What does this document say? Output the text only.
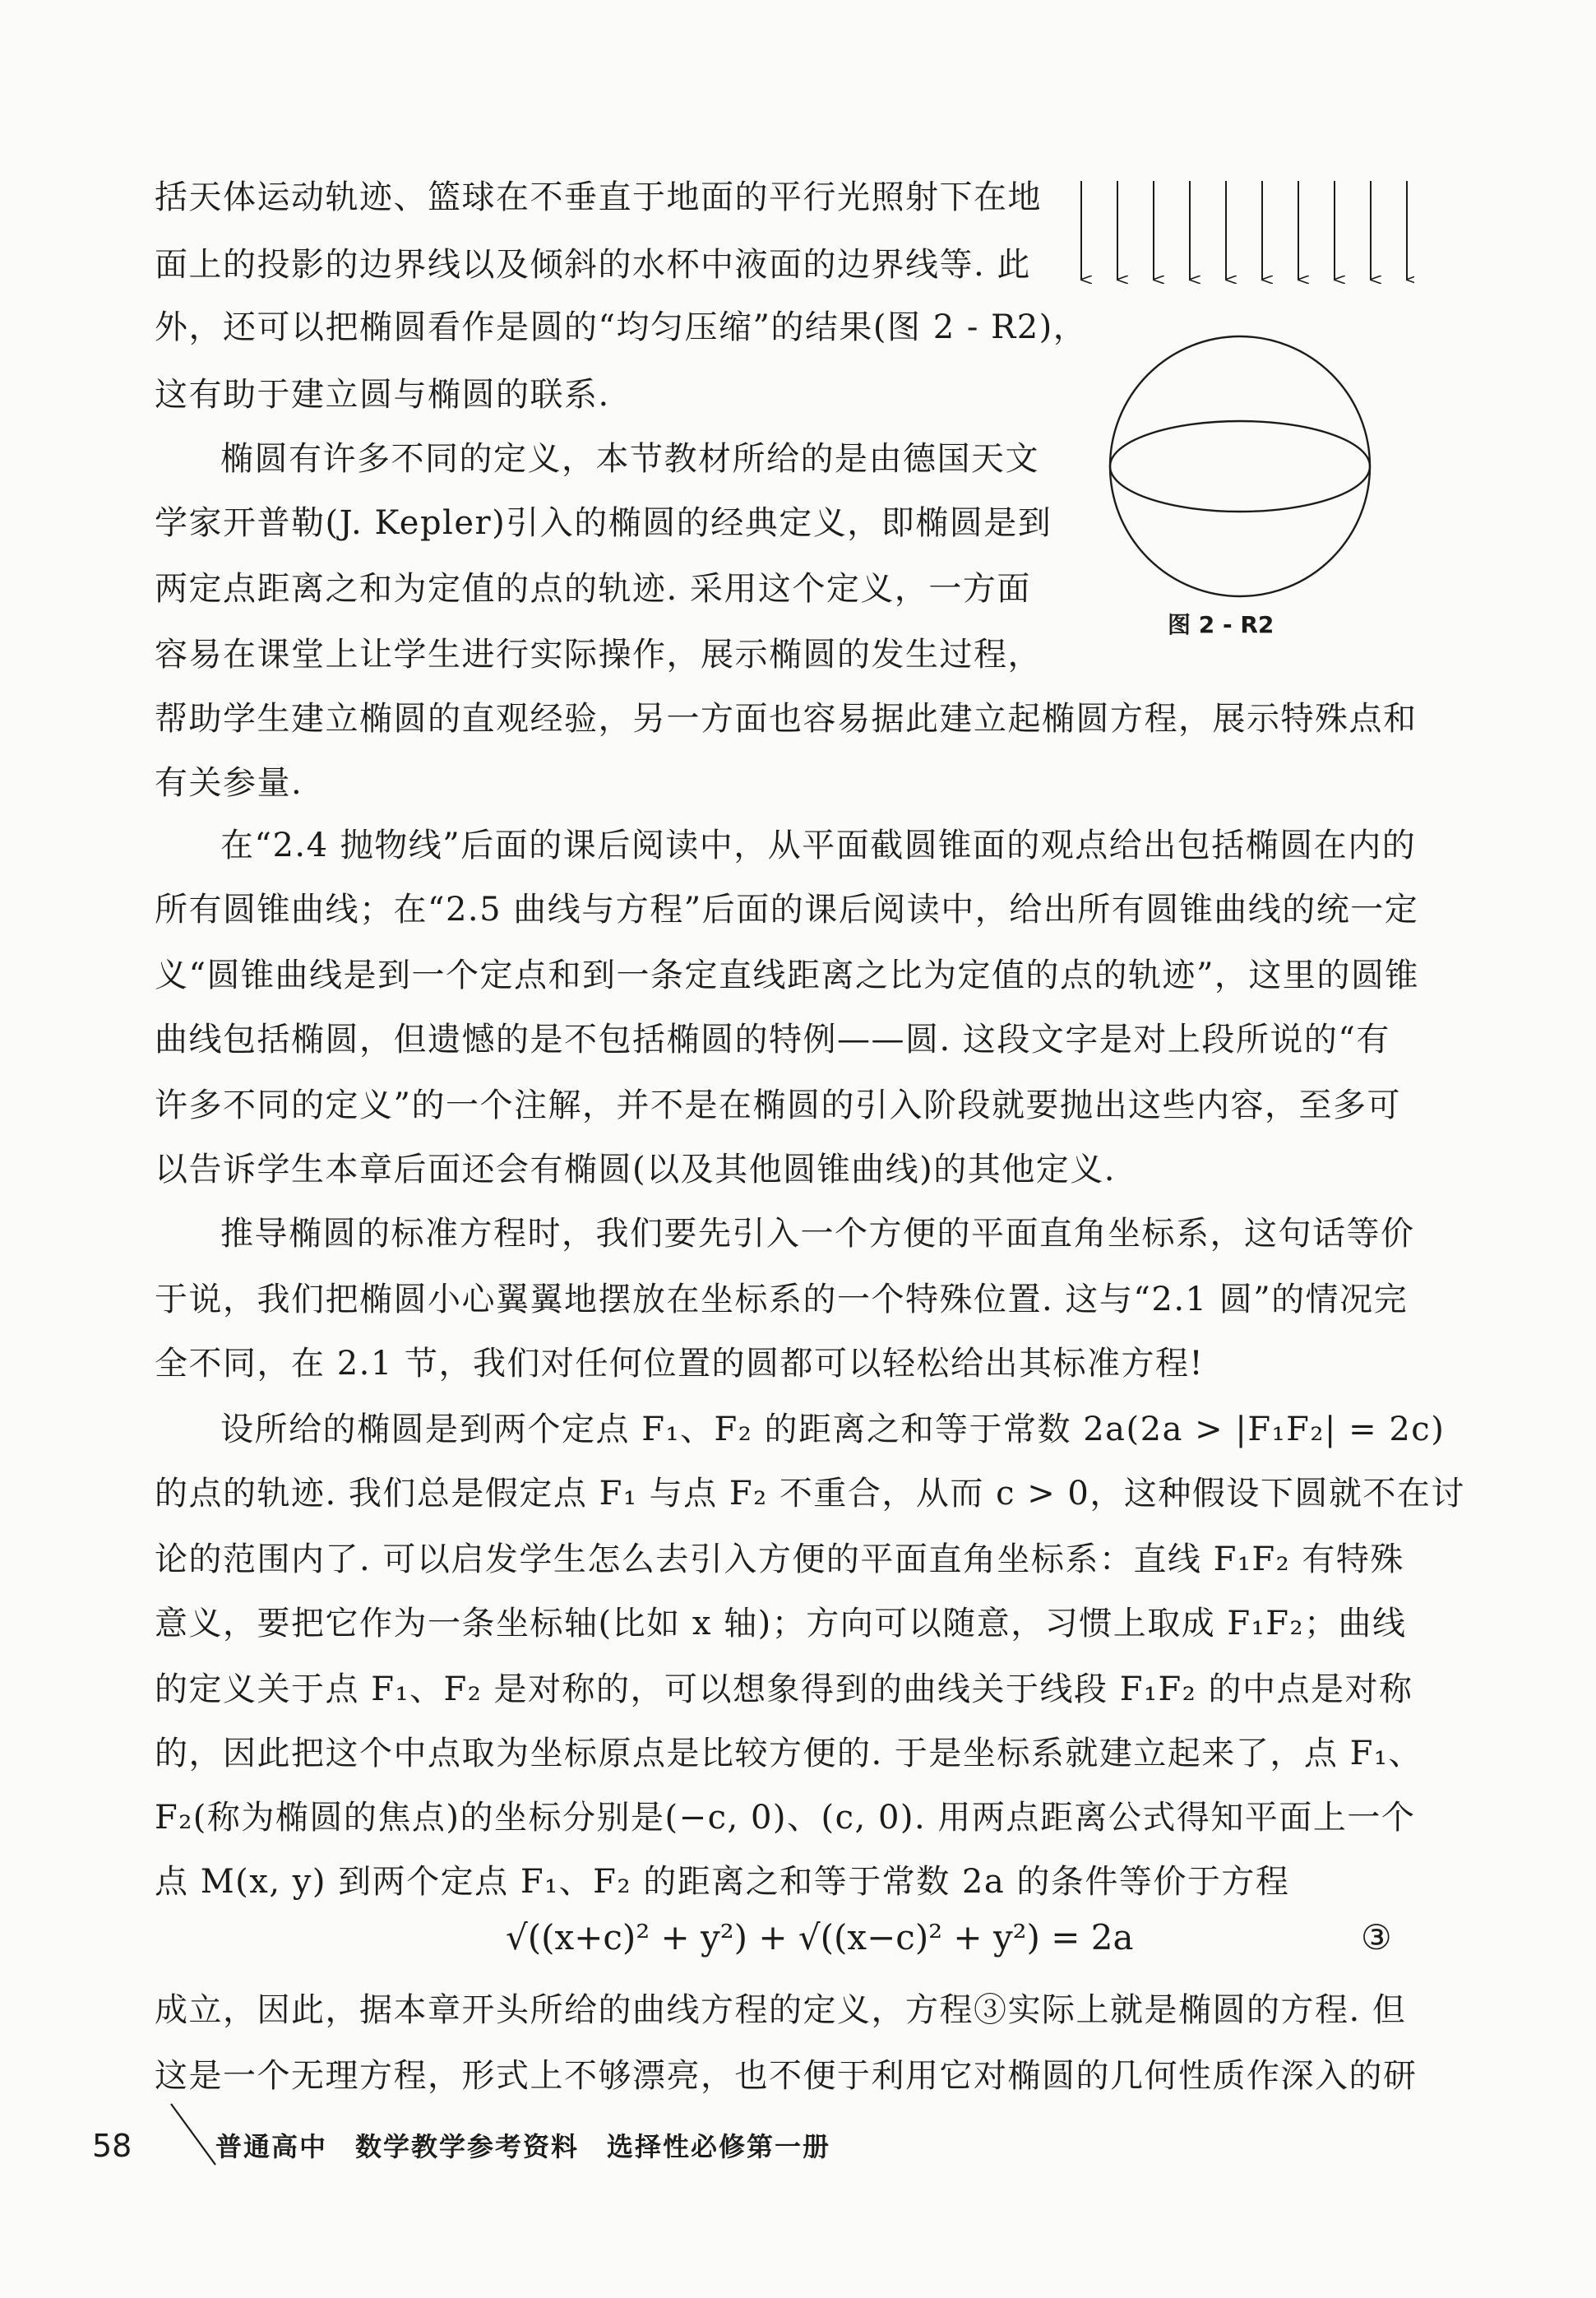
图 2 - R2
括天体运动轨迹、篮球在不垂直于地面的平行光照射下在地
面上的投影的边界线以及倾斜的水杯中液面的边界线等. 此
外，还可以把椭圆看作是圆的“均匀压缩”的结果(图 2 - R2)，
这有助于建立圆与椭圆的联系.
椭圆有许多不同的定义，本节教材所给的是由德国天文
学家开普勒(J. Kepler)引入的椭圆的经典定义，即椭圆是到
两定点距离之和为定值的点的轨迹. 采用这个定义，一方面
容易在课堂上让学生进行实际操作，展示椭圆的发生过程，
帮助学生建立椭圆的直观经验，另一方面也容易据此建立起椭圆方程，展示特殊点和
有关参量.
在“2.4 抛物线”后面的课后阅读中，从平面截圆锥面的观点给出包括椭圆在内的
所有圆锥曲线；在“2.5 曲线与方程”后面的课后阅读中，给出所有圆锥曲线的统一定
义“圆锥曲线是到一个定点和到一条定直线距离之比为定值的点的轨迹”，这里的圆锥
曲线包括椭圆，但遗憾的是不包括椭圆的特例——圆. 这段文字是对上段所说的“有
许多不同的定义”的一个注解，并不是在椭圆的引入阶段就要抛出这些内容，至多可
以告诉学生本章后面还会有椭圆(以及其他圆锥曲线)的其他定义.
推导椭圆的标准方程时，我们要先引入一个方便的平面直角坐标系，这句话等价
于说，我们把椭圆小心翼翼地摆放在坐标系的一个特殊位置. 这与“2.1 圆”的情况完
全不同，在 2.1 节，我们对任何位置的圆都可以轻松给出其标准方程!
设所给的椭圆是到两个定点 F₁、F₂ 的距离之和等于常数 2a(2a > |F₁F₂| = 2c)
的点的轨迹. 我们总是假定点 F₁ 与点 F₂ 不重合，从而 c > 0，这种假设下圆就不在讨
论的范围内了. 可以启发学生怎么去引入方便的平面直角坐标系：直线 F₁F₂ 有特殊
意义，要把它作为一条坐标轴(比如 x 轴)；方向可以随意，习惯上取成 F₁F₂；曲线
的定义关于点 F₁、F₂ 是对称的，可以想象得到的曲线关于线段 F₁F₂ 的中点是对称
的，因此把这个中点取为坐标原点是比较方便的. 于是坐标系就建立起来了，点 F₁、
F₂(称为椭圆的焦点)的坐标分别是(−c, 0)、(c, 0). 用两点距离公式得知平面上一个
点 M(x, y) 到两个定点 F₁、F₂ 的距离之和等于常数 2a 的条件等价于方程
√((x+c)² + y²) + √((x−c)² + y²) = 2a	③
成立，因此，据本章开头所给的曲线方程的定义，方程③实际上就是椭圆的方程. 但
这是一个无理方程，形式上不够漂亮，也不便于利用它对椭圆的几何性质作深入的研
58	普通高中　数学教学参考资料　选择性必修第一册
